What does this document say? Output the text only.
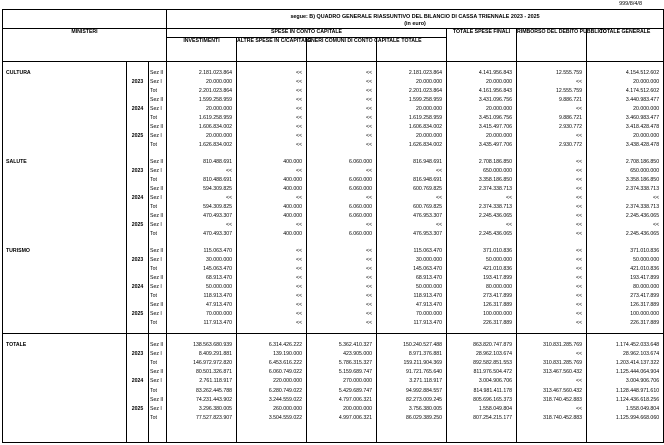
999/8/4/8

			segue: B) QUADRO GENERALE RIASSUNTIVO DEL BILANCIO DI CASSA TRIENNALE 2023 - 2025
(in euro)						

MINISTERI			SPESE IN CONTO CAPITALE				TOTALE SPESE FINALI	RIMBORSO DEL DEBITO PUBBLICO	TOTALE GENERALE
			INVESTIMENTI	ALTRE SPESE IN C/CAPITALE	ONERI COMUNI DI CONTO CAPITALE	TOTALE			

CULTURA		Sez II	2.181.023.864	<<	<<	2.181.023.864	4.141.956.843	12.555.759	4.154.512.602
	2023	Sez I	20.000.000	<<	<<	20.000.000	20.000.000	<<	20.000.000
		Tot	2.201.023.864	<<	<<	2.201.023.864	4.161.956.843	12.555.759	4.174.512.602
		Sez II	1.599.258.959	<<	<<	1.599.258.959	3.431.096.756	9.886.721	3.440.983.477
	2024	Sez I	20.000.000	<<	<<	20.000.000	20.000.000	<<	20.000.000
		Tot	1.619.258.959	<<	<<	1.619.258.959	3.451.096.756	9.886.721	3.460.983.477
		Sez II	1.606.834.002	<<	<<	1.606.834.002	3.415.497.706	2.930.772	3.418.428.478
	2025	Sez I	20.000.000	<<	<<	20.000.000	20.000.000	<<	20.000.000
		Tot	1.626.834.002	<<	<<	1.626.834.002	3.435.497.706	2.930.772	3.438.428.478

SALUTE		Sez II	810.488.691	400.000	6.060.000	816.948.691	2.708.186.850	<<	2.708.186.850
	2023	Sez I	<<	<<	<<	<<	650.000.000	<<	650.000.000
		Tot	810.488.691	400.000	6.060.000	816.948.691	3.358.186.850	<<	3.358.186.850
		Sez II	594.309.825	400.000	6.060.000	600.769.825	2.374.338.713	<<	2.374.338.713
	2024	Sez I	<<	<<	<<	<<	<<	<<	<<
		Tot	594.309.825	400.000	6.060.000	600.769.825	2.374.338.713	<<	2.374.338.713
		Sez II	470.493.307	400.000	6.060.000	476.953.307	2.245.436.065	<<	2.245.436.065
	2025	Sez I	<<	<<	<<	<<	<<	<<	<<
		Tot	470.493.307	400.000	6.060.000	476.953.307	2.245.436.065	<<	2.245.436.065

TURISMO		Sez II	115.063.470	<<	<<	115.063.470	371.010.836	<<	371.010.836
	2023	Sez I	30.000.000	<<	<<	30.000.000	50.000.000	<<	50.000.000
		Tot	145.063.470	<<	<<	145.063.470	421.010.836	<<	421.010.836
		Sez II	68.913.470	<<	<<	68.913.470	193.417.899	<<	193.417.899
	2024	Sez I	50.000.000	<<	<<	50.000.000	80.000.000	<<	80.000.000
		Tot	118.913.470	<<	<<	118.913.470	273.417.899	<<	273.417.899
		Sez II	47.913.470	<<	<<	47.913.470	126.317.889	<<	126.317.889
	2025	Sez I	70.000.000	<<	<<	70.000.000	100.000.000	<<	100.000.000
		Tot	117.913.470	<<	<<	117.913.470	226.317.889	<<	226.317.889

TOTALE		Sez II	138.563.680.939	6.314.426.222	5.362.410.327	150.240.527.488	863.820.747.879	310.831.285.769	1.174.452.033.648
	2023	Sez I	8.409.291.881	139.190.000	423.905.000	8.971.376.881	28.962.103.674	<<	28.962.103.674
		Tot	146.972.972.820	6.453.616.222	5.786.315.327	159.211.904.369	892.582.851.553	310.831.285.769	1.203.414.137.322
		Sez II	80.501.326.871	6.060.749.022	5.159.689.747	91.721.765.640	811.976.504.472	313.467.560.432	1.125.444.064.904
	2024	Sez I	2.761.118.917	220.000.000	270.000.000	3.271.118.917	3.004.906.706	<<	3.004.906.706
		Tot	83.262.445.788	6.280.749.022	5.429.689.747	94.992.884.557	814.981.411.178	313.467.560.432	1.128.448.971.610
		Sez II	74.231.443.902	3.244.559.022	4.797.006.321	82.273.009.245	805.696.165.373	318.740.452.883	1.124.436.618.256
	2025	Sez I	3.296.380.005	260.000.000	200.000.000	3.756.380.005	1.558.049.804	<<	1.558.049.804
		Tot	77.527.823.907	3.504.559.022	4.997.006.321	86.029.389.250	807.254.215.177	318.740.452.883	1.125.994.668.060
